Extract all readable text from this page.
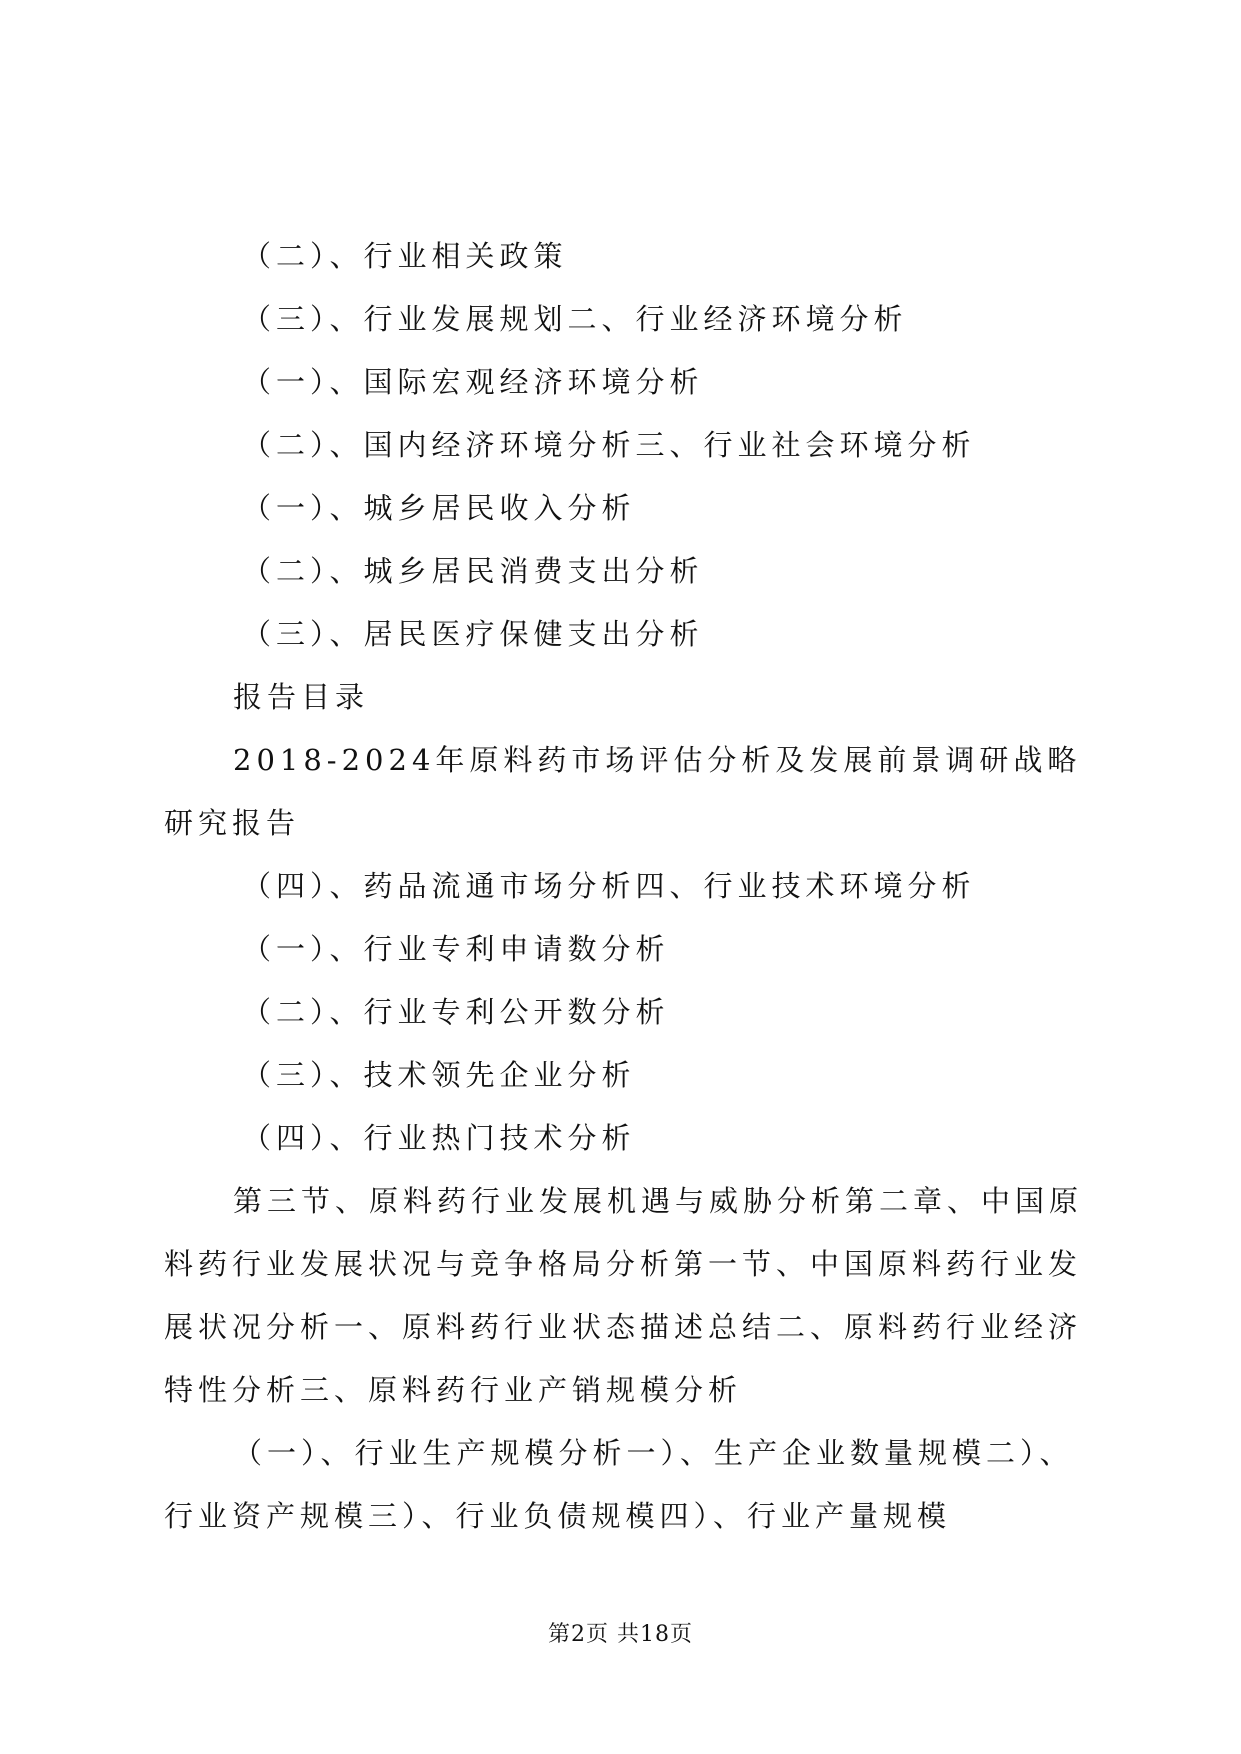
（二）、行业相关政策

（三）、行业发展规划二、行业经济环境分析

（一）、国际宏观经济环境分析

（二）、国内经济环境分析三、行业社会环境分析

（一）、城乡居民收入分析

（二）、城乡居民消费支出分析

（三）、居民医疗保健支出分析

报告目录

2018-2024年原料药市场评估分析及发展前景调研战略研究报告

（四）、药品流通市场分析四、行业技术环境分析

（一）、行业专利申请数分析

（二）、行业专利公开数分析

（三）、技术领先企业分析

（四）、行业热门技术分析

第三节、原料药行业发展机遇与威胁分析第二章、中国原料药行业发展状况与竞争格局分析第一节、中国原料药行业发展状况分析一、原料药行业状态描述总结二、原料药行业经济特性分析三、原料药行业产销规模分析

（一）、行业生产规模分析一）、生产企业数量规模二）、行业资产规模三）、行业负债规模四）、行业产量规模

第2页 共18页
